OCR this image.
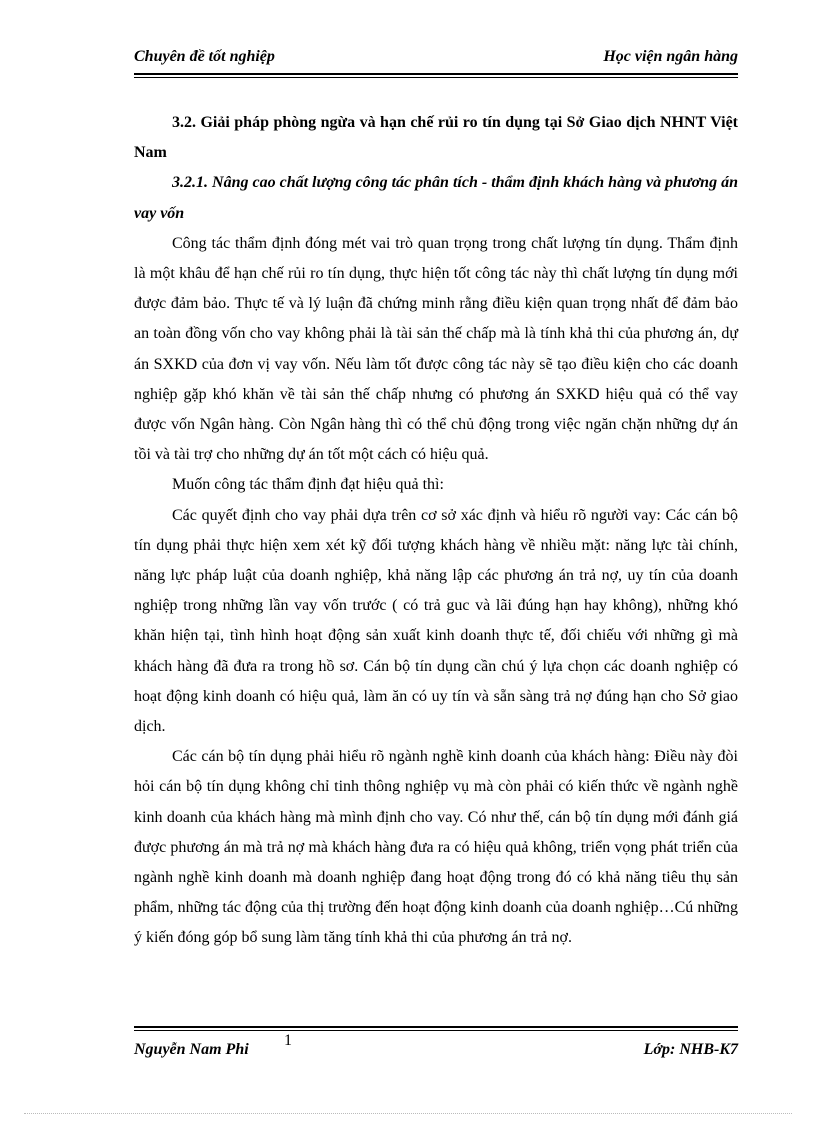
Chuyên đề tốt nghiệp	Học viện ngân hàng

3.2. Giải pháp phòng ngừa và hạn chế rủi ro tín dụng tại Sở Giao dịch NHNT Việt Nam

3.2.1. Nâng cao chất lượng công tác phân tích - thẩm định khách hàng và phương án vay vốn

Công tác thẩm định đóng mét vai trò quan trọng trong chất lượng tín dụng. Thẩm định là một khâu để hạn chế rủi ro tín dụng, thực hiện tốt công tác này thì chất lượng tín dụng mới được đảm bảo. Thực tế và lý luận đã chứng minh rằng điều kiện quan trọng nhất để đảm bảo an toàn đồng vốn cho vay không phải là tài sản thế chấp mà là tính khả thi của phương án, dự án SXKD của đơn vị vay vốn. Nếu làm tốt được công tác này sẽ tạo điều kiện cho các doanh nghiệp gặp khó khăn về tài sản thế chấp nhưng có phương án SXKD hiệu quả có thể vay được vốn Ngân hàng. Còn Ngân hàng thì có thể chủ động trong việc ngăn chặn những dự án tồi và tài trợ cho những dự án tốt một cách có hiệu quả.

Muốn công tác thẩm định đạt hiệu quả thì:

Các quyết định cho vay phải dựa trên cơ sở xác định và hiểu rõ người vay: Các cán bộ tín dụng phải thực hiện xem xét kỹ đối tượng khách hàng về nhiều mặt: năng lực tài chính, năng lực pháp luật của doanh nghiệp, khả năng lập các phương án trả nợ, uy tín của doanh nghiệp trong những lần vay vốn trước ( có trả guc và lãi đúng hạn hay không), những khó khăn hiện tại, tình hình hoạt động sản xuất kinh doanh thực tế, đối chiếu với những gì mà khách hàng đã đưa ra trong hồ sơ. Cán bộ tín dụng cần chú ý lựa chọn các doanh nghiệp có hoạt động kinh doanh có hiệu quả, làm ăn có uy tín và sẵn sàng trả nợ đúng hạn cho Sở giao dịch.

Các cán bộ tín dụng phải hiểu rõ ngành nghề kinh doanh của khách hàng: Điều này đòi hỏi cán bộ tín dụng không chỉ tinh thông nghiệp vụ mà còn phải có kiến thức về ngành nghề kinh doanh của khách hàng mà mình định cho vay. Có như thế, cán bộ tín dụng mới đánh giá được phương án mà trả nợ mà khách hàng đưa ra có hiệu quả không, triển vọng phát triển của ngành nghề kinh doanh mà doanh nghiệp đang hoạt động trong đó có khả năng tiêu thụ sản phẩm, những tác động của thị trường đến hoạt động kinh doanh của doanh nghiệp…Cú những ý kiến đóng góp bổ sung làm tăng tính khả thi của phương án trả nợ.

Nguyễn Nam Phi
1
Lớp: NHB-K7
